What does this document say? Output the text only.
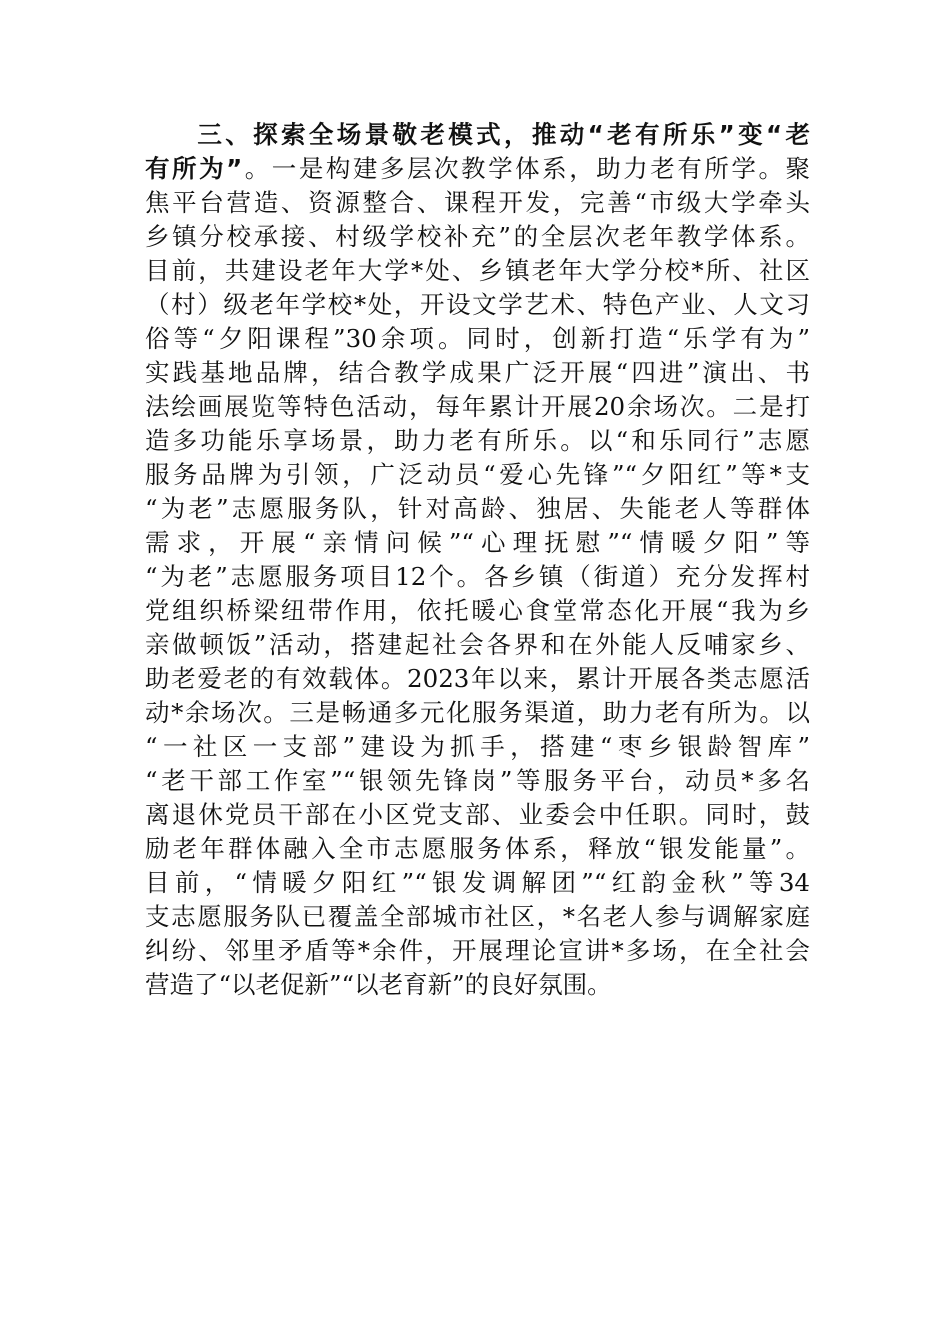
三、探索全场景敬老模式，推动“老有所乐”变“老
有所为”。一是构建多层次教学体系，助力老有所学。聚
焦平台营造、资源整合、课程开发，完善“市级大学牵头
乡镇分校承接、村级学校补充”的全层次老年教学体系。
目前，共建设老年大学*处、乡镇老年大学分校*所、社区
（村）级老年学校*处，开设文学艺术、特色产业、人文习
俗等“夕阳课程”30余项。同时，创新打造“乐学有为”
实践基地品牌，结合教学成果广泛开展“四进”演出、书
法绘画展览等特色活动，每年累计开展20余场次。二是打
造多功能乐享场景，助力老有所乐。以“和乐同行”志愿
服务品牌为引领，广泛动员“爱心先锋”“夕阳红”等*支
“为老”志愿服务队，针对高龄、独居、失能老人等群体
需求，开展“亲情问候”“心理抚慰”“情暖夕阳”等
“为老”志愿服务项目12个。各乡镇（街道）充分发挥村
党组织桥梁纽带作用，依托暖心食堂常态化开展“我为乡
亲做顿饭”活动，搭建起社会各界和在外能人反哺家乡、
助老爱老的有效载体。2023年以来，累计开展各类志愿活
动*余场次。三是畅通多元化服务渠道，助力老有所为。以
“一社区一支部”建设为抓手，搭建“枣乡银龄智库”
“老干部工作室”“银领先锋岗”等服务平台，动员*多名
离退休党员干部在小区党支部、业委会中任职。同时，鼓
励老年群体融入全市志愿服务体系，释放“银发能量”。
目前，“情暖夕阳红”“银发调解团”“红韵金秋”等34
支志愿服务队已覆盖全部城市社区，*名老人参与调解家庭
纠纷、邻里矛盾等*余件，开展理论宣讲*多场，在全社会
营造了“以老促新”“以老育新”的良好氛围。
